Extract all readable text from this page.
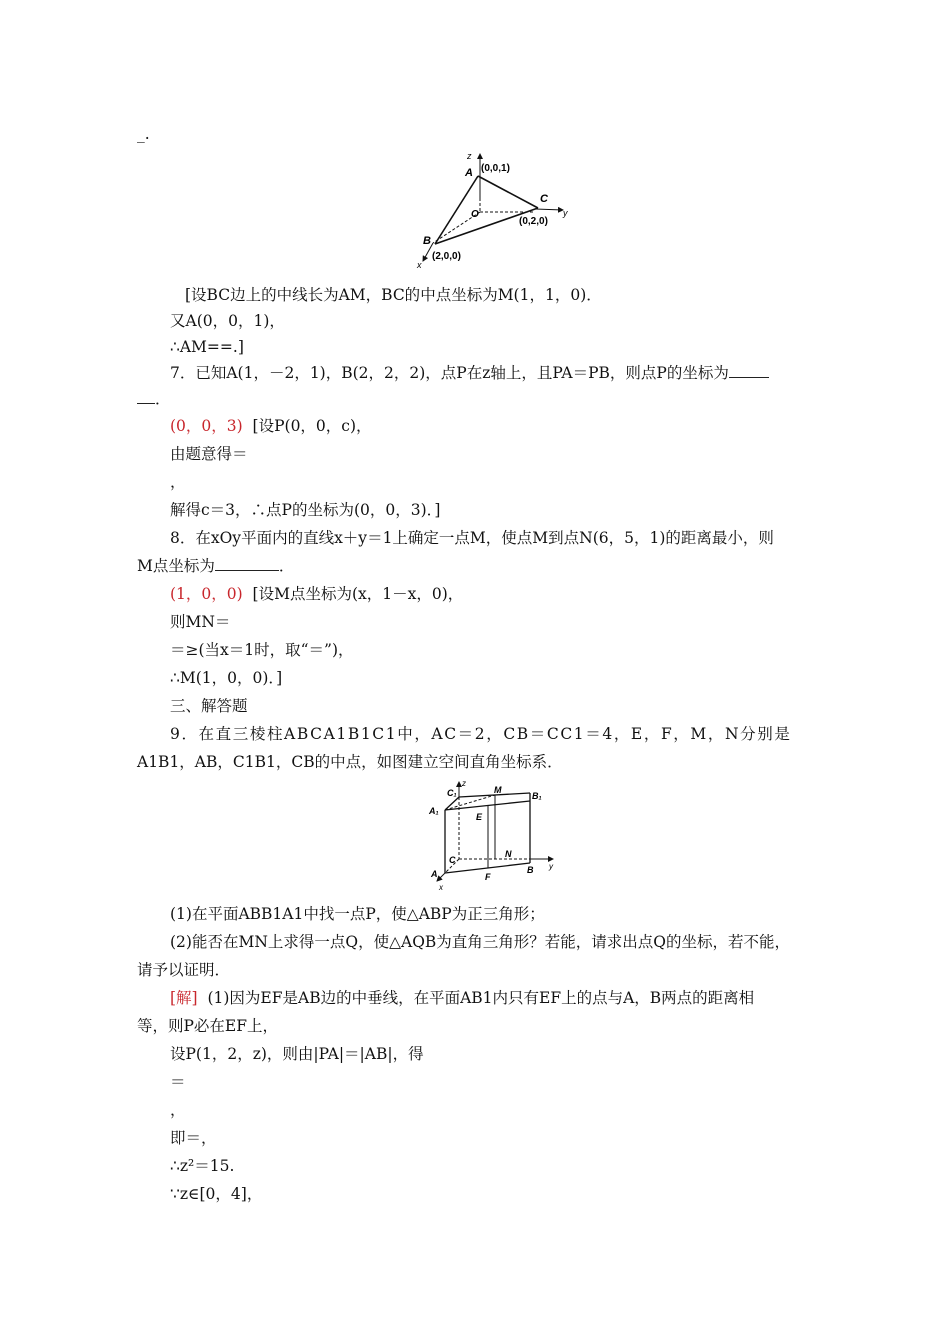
_.
z
A (0,0,1)
O
C
y
(0,2,0)
B
(2,0,0)
x
[设BC边上的中线长为AM，BC的中点坐标为M(1，1，0)．
又A(0，0，1)，
∴AM==.]
7．已知A(1，－2，1)，B(2，2，2)，点P在z轴上，且PA＝PB，则点P的坐标为
．
(0，0，3) [设P(0，0，c)，
由题意得＝
，
解得c＝3，∴点P的坐标为(0，0，3)．]
8．在xOy平面内的直线x＋y＝1上确定一点M，使点M到点N(6，5，1)的距离最小，则
M点坐标为	．
(1，0，0) [设M点坐标为(x，1－x，0)，
则MN＝
＝≥(当x＝1时，取“＝”)，
∴M(1，0，0)．]
三、解答题
9．在直三棱柱ABCA1B1C1中，AC＝2，CB＝CC1＝4，E，F，M，N分别是
A1B1，AB，C1B1，CB的中点，如图建立空间直角坐标系．
C₁
z
M
B₁
A₁
E
C
N
y
A	F
B
x
(1)在平面ABB1A1中找一点P，使△ABP为正三角形；
(2)能否在MN上求得一点Q，使△AQB为直角三角形？若能，请求出点Q的坐标，若不能，
请予以证明．
[解] (1)因为EF是AB边的中垂线，在平面AB1内只有EF上的点与A，B两点的距离相
等，则P必在EF上，
设P(1，2，z)，则由|PA|＝|AB|，得
＝
，
即＝，
∴z²＝15.
∵z∈[0，4]，
